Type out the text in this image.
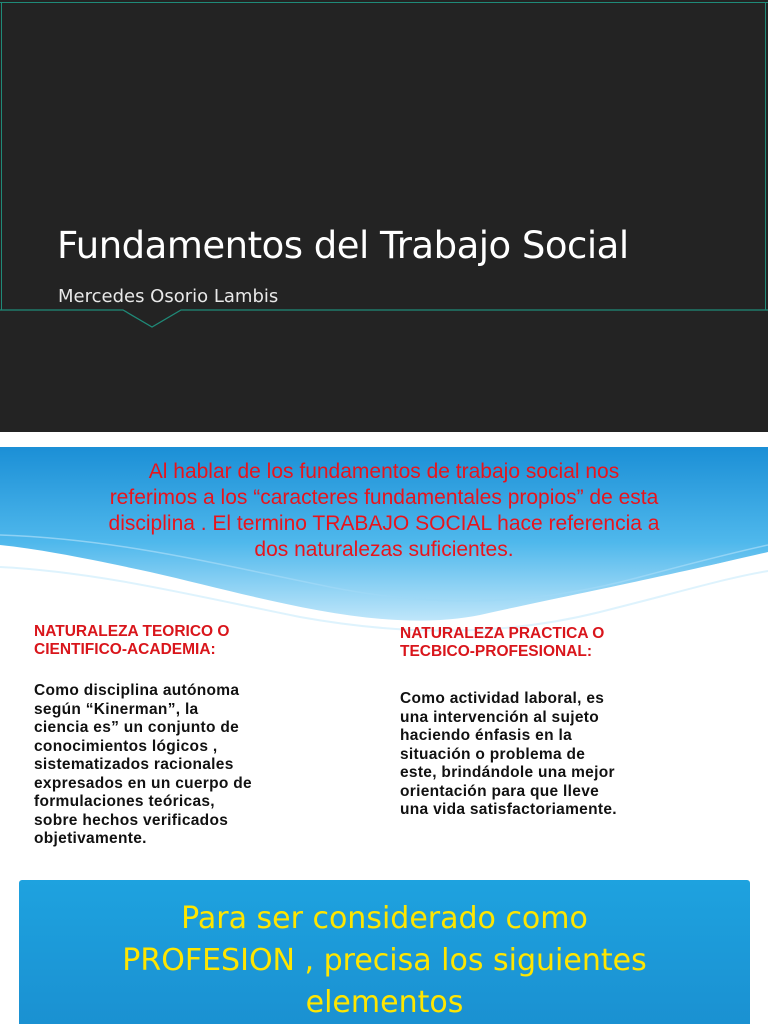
Fundamentos del Trabajo Social
Mercedes Osorio Lambis
Al hablar de los fundamentos de trabajo social nos
referimos a los “caracteres fundamentales propios” de esta
disciplina . El termino TRABAJO SOCIAL hace referencia a
dos naturalezas suficientes.
NATURALEZA TEORICO O
CIENTIFICO-ACADEMIA:
Como disciplina autónoma
según “Kinerman”, la
ciencia es” un conjunto de
conocimientos lógicos ,
sistematizados racionales
expresados en un cuerpo de
formulaciones teóricas,
sobre hechos verificados
objetivamente.
NATURALEZA PRACTICA O
TECBICO-PROFESIONAL:
Como actividad laboral, es
una intervención al sujeto
haciendo énfasis en la
situación o problema de
este, brindándole una mejor
orientación para que lleve
una vida satisfactoriamente.
Para ser considerado como
PROFESION , precisa los siguientes
elementos
